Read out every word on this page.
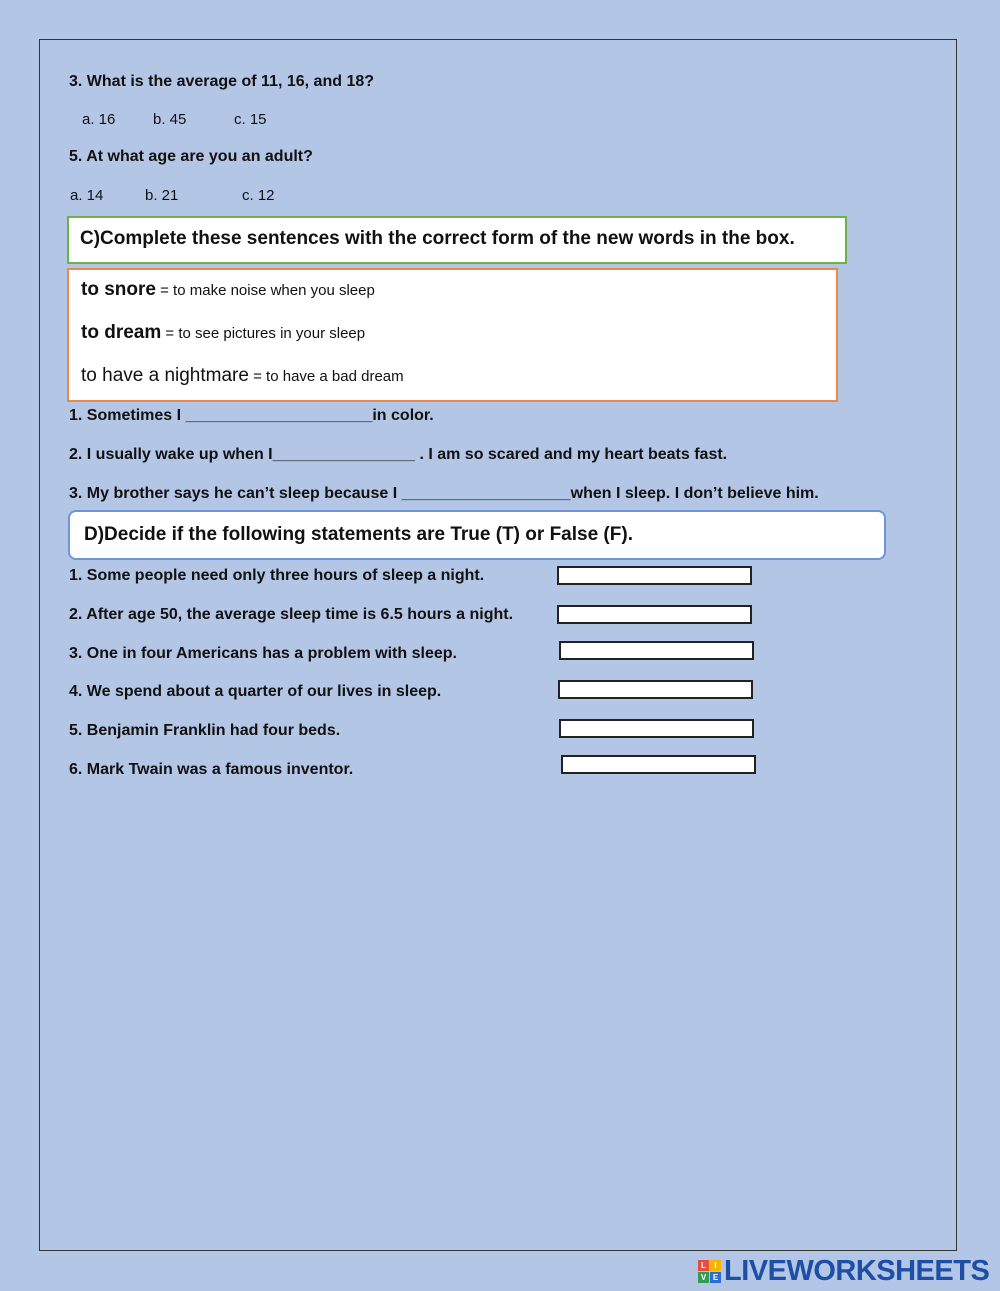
3. What is the average of 11, 16, and 18?
a. 16	b. 45	c. 15
5. At what age are you an adult?
a. 14	b. 21	c. 12
C)Complete these sentences with the correct form of the new words in the box.
to snore = to make noise when you sleep
to dream = to see pictures in your sleep
to have a nightmare = to have a bad dream
1. Sometimes I _____________________in color.
2. I usually wake up when I________________ . I am so scared and my heart beats fast.
3. My brother says he can’t sleep because I ___________________when I sleep. I don’t believe him.
D)Decide if the following statements are True (T) or False (F).
1. Some people need only three hours of sleep a night.
2. After age 50, the average sleep time is 6.5 hours a night.
3. One in four Americans has a problem with sleep.
4. We spend about a quarter of our lives in sleep.
5. Benjamin Franklin had four beds.
6. Mark Twain was a famous inventor.
L	I
V E LIVEWORKSHEETS
